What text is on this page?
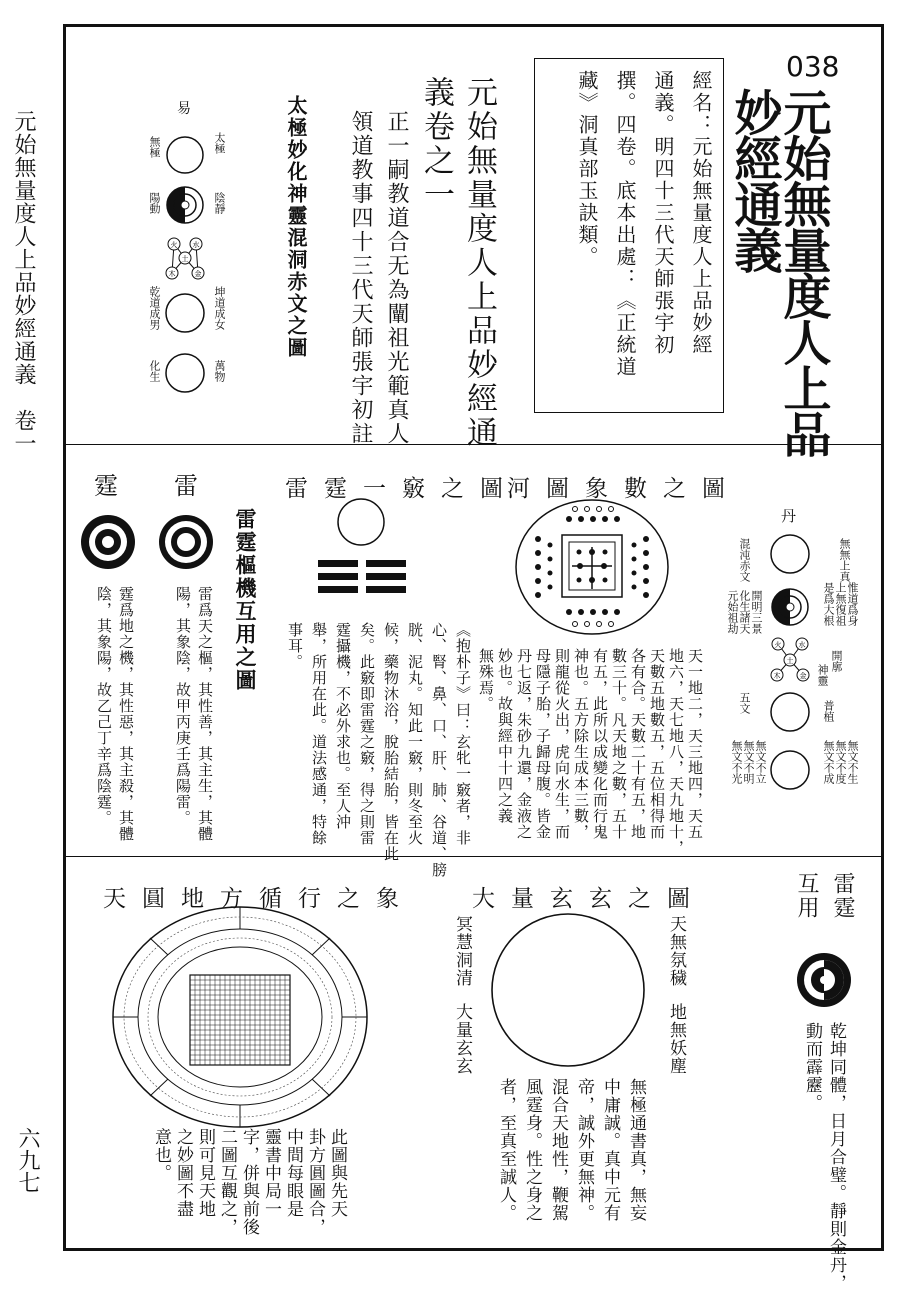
元始無量度人上品妙經通義　卷一
六九七
038
元始無量度人上品
妙經通義
經名：元始無量度人上品妙經
通義。明四十三代天師張宇初
撰。四卷。底本出處：《正統道
藏》洞真部玉訣類。
元始無量度人上品妙經通
義卷之一
正一嗣教道合无為闡祖光範真人
領道教事四十三代天師張宇初註
太極妙化神靈混洞赤文之圖
易
無極	太極
陽動	陰靜
乾道成男	坤道成女
化生	萬物
火 水
土
木	金
雷
霆
雷霆樞機互用之圖
雷爲天之樞，其性善，其主生，其體
陽，其象陰，故甲丙庚壬爲陽雷。
霆爲地之機，其性惡，其主殺，其體
陰，其象陽，故乙己丁辛爲陰霆。
雷霆一竅之圖
《抱朴子》曰：玄牝一竅者，非
心、腎、鼻、口、肝、肺、谷道、膀
胱、泥丸。知此一竅，則冬至火
候，藥物沐浴，脫胎結胎，皆在此
矣。此竅即雷霆之竅，得之則雷
霆攝機，不必外求也。至人沖
舉，所用在此。道法感通，特餘
事耳。
河圖象數之圖
天一地二，天三地四，天五
地六，天七地八，天九地十，
天數五地數五，五位相得而
各有合。天數二十有五，地
數三十。凡天地之數，五十
有五，此所以成變化而行鬼
神也。五方除生成本三數，
則龍從火出，虎向水生，而
母隱子胎，子歸母腹。皆金
丹七返，朱砂九還，金液之
妙也。故與經中十四之義
無殊焉。
丹
混沌赤文
開明三景
化生諸天
元始祖劫
五文
無無上真
惟道爲身
上無復祖
是爲大根
開廓
神靈
普植
無文不生
無文不度
無文不成
無文不立
無文不明
無文不光
火 水
土
木	金
天圓地方循行之象
此圖與先天
卦方圓圖合，
中間每眼是
靈書中局一
字，併與前後
二圖互觀之，
則可見天地
之妙圖不盡
意也。
大量玄玄之圖
天無氛穢
地無妖塵
冥慧洞清
大量玄玄
無極通書真，無妄
中庸誠。真中元有
帝，誠外更無神。
混合天地性，鞭駕
風霆身。性之身之
者，至真至誠人。
雷霆
互用
乾坤同體，日月合璧。靜則金丹，
動而霹靂。
